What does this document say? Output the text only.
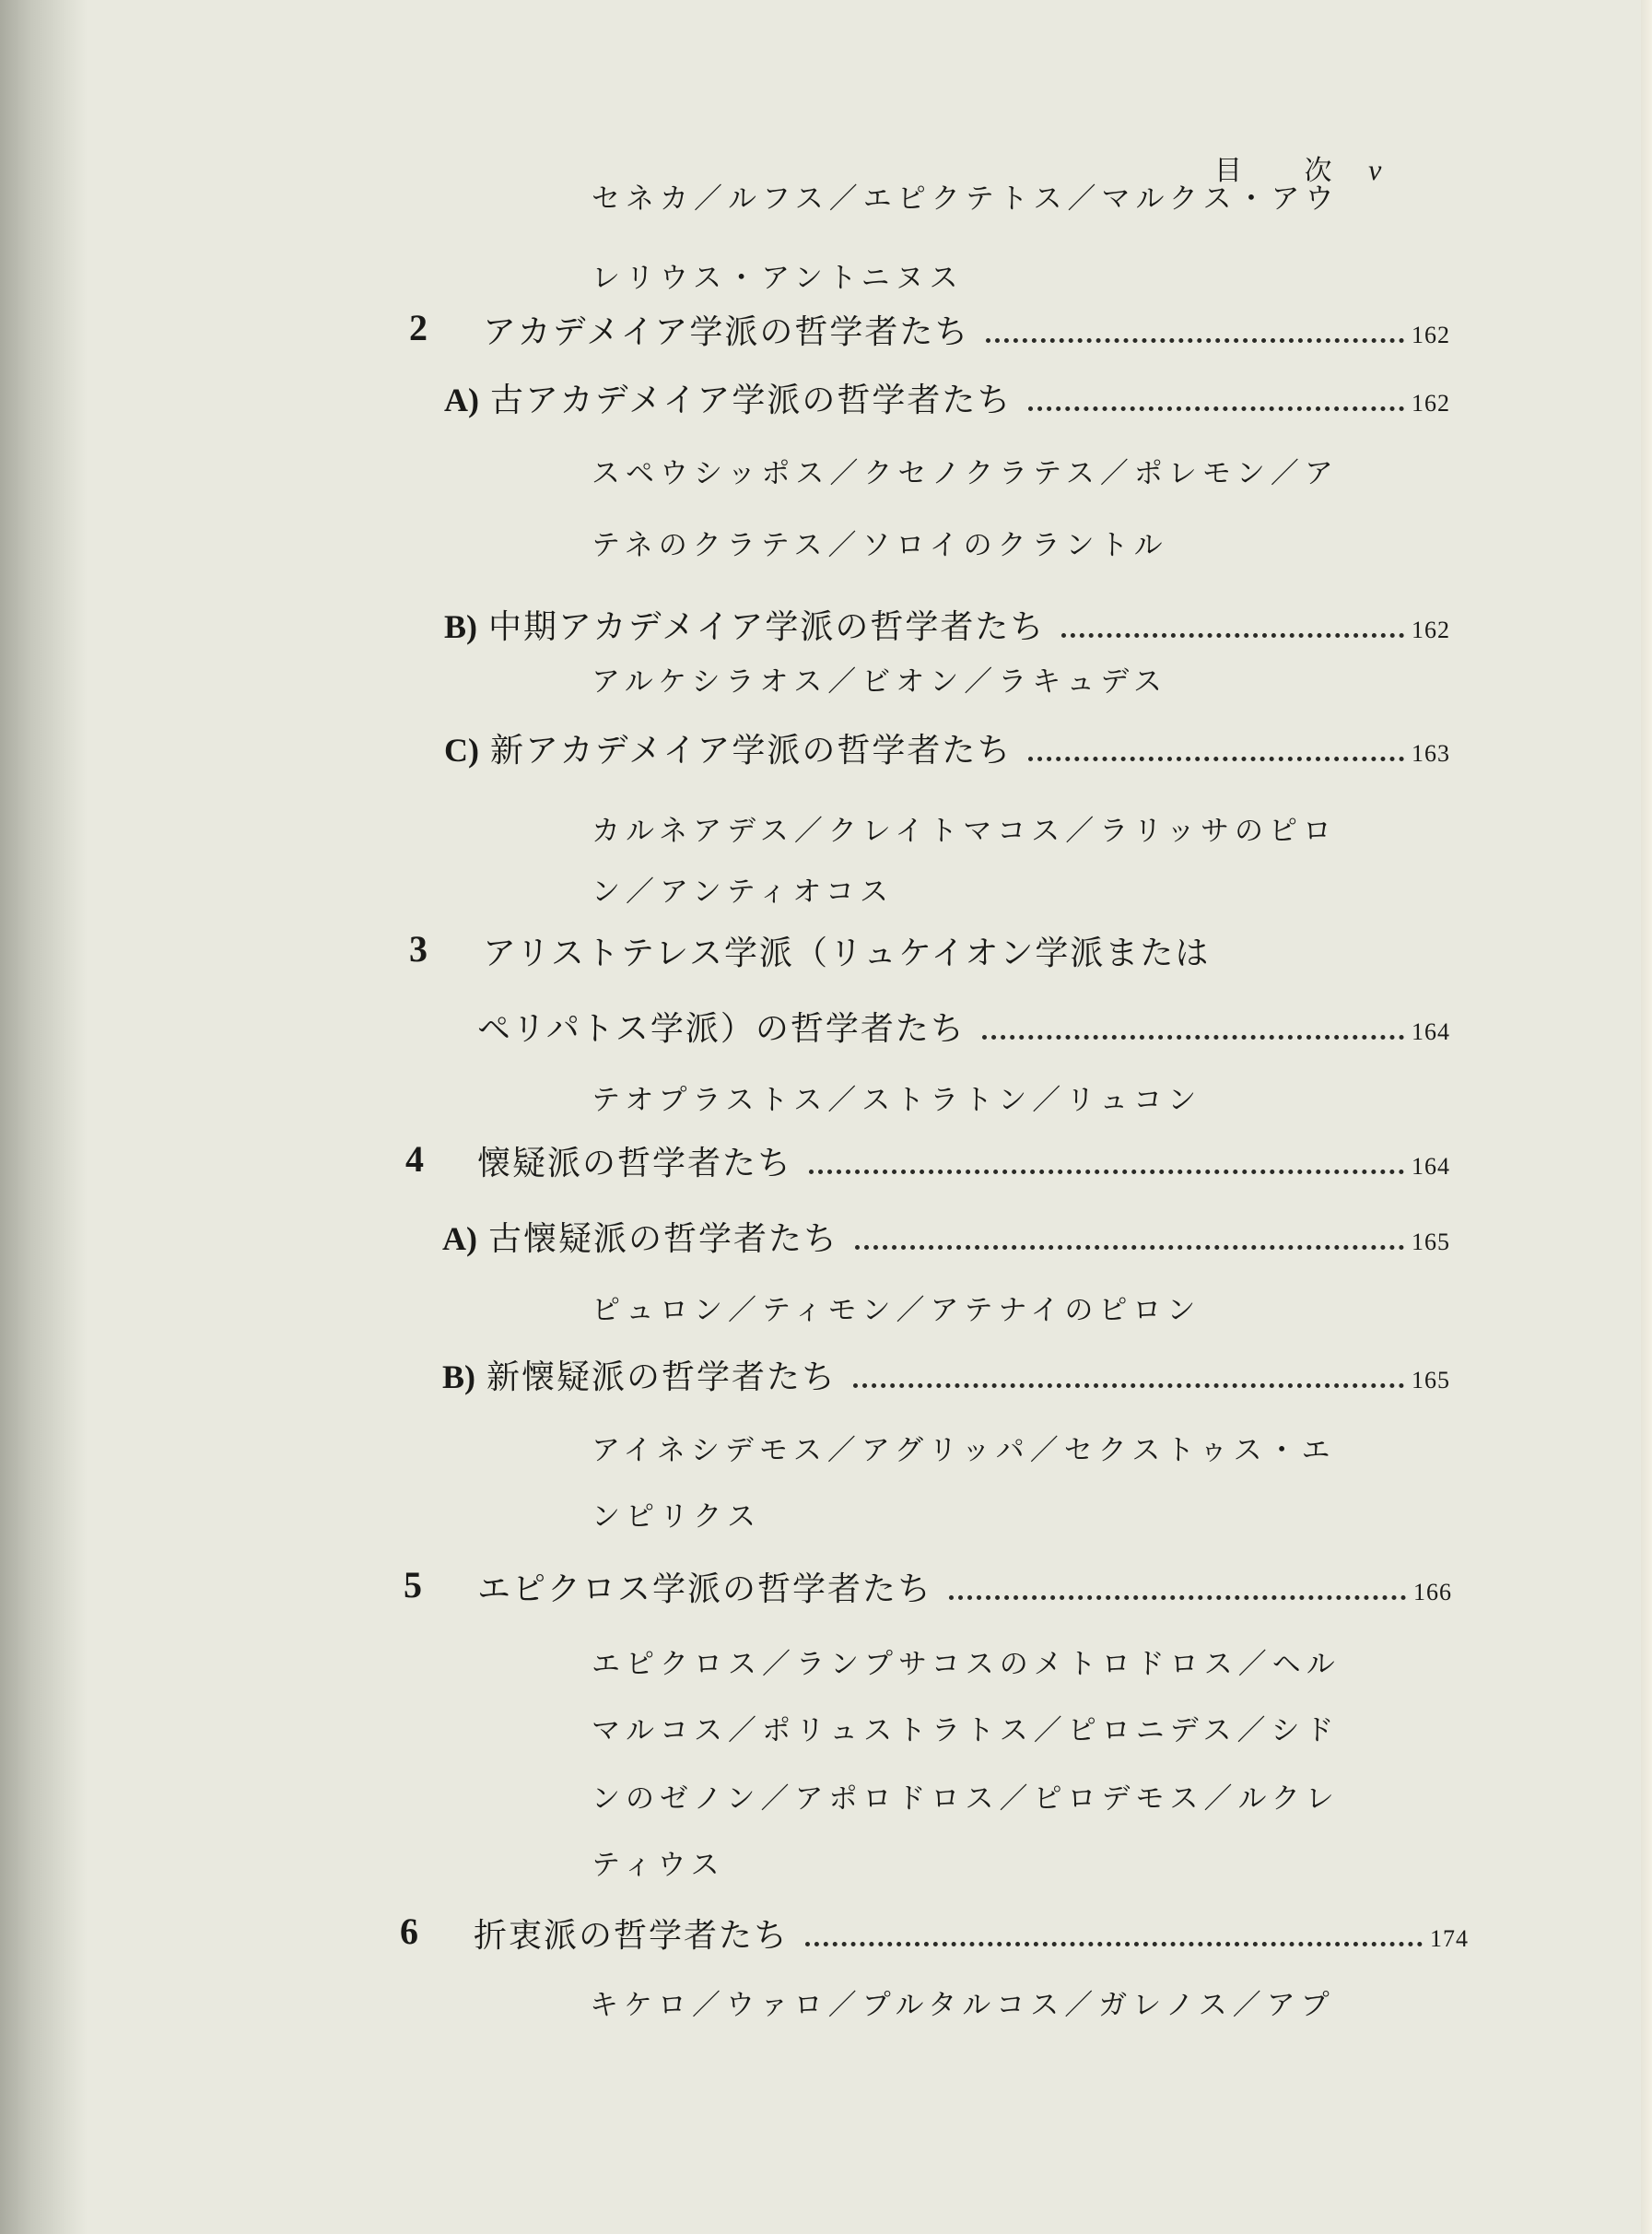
目 次 v
セネカ／ルフス／エピクテトス／マルクス・アウ
レリウス・アントニヌス
2 アカデメイア学派の哲学者たち	162
A) 古アカデメイア学派の哲学者たち	162
スペウシッポス／クセノクラテス／ポレモン／ア
テネのクラテス／ソロイのクラントル
B) 中期アカデメイア学派の哲学者たち	162
アルケシラオス／ビオン／ラキュデス
C) 新アカデメイア学派の哲学者たち	163
カルネアデス／クレイトマコス／ラリッサのピロ
ン／アンティオコス
3 アリストテレス学派（リュケイオン学派または
ペリパトス学派）の哲学者たち	164
テオプラストス／ストラトン／リュコン
4 懐疑派の哲学者たち	164
A) 古懐疑派の哲学者たち	165
ピュロン／ティモン／アテナイのピロン
B) 新懐疑派の哲学者たち	165
アイネシデモス／アグリッパ／セクストゥス・エ
ンピリクス
5 エピクロス学派の哲学者たち	166
エピクロス／ランプサコスのメトロドロス／ヘル
マルコス／ポリュストラトス／ピロニデス／シド
ンのゼノン／アポロドロス／ピロデモス／ルクレ
ティウス
6 折衷派の哲学者たち	174
キケロ／ウァロ／プルタルコス／ガレノス／アプ
